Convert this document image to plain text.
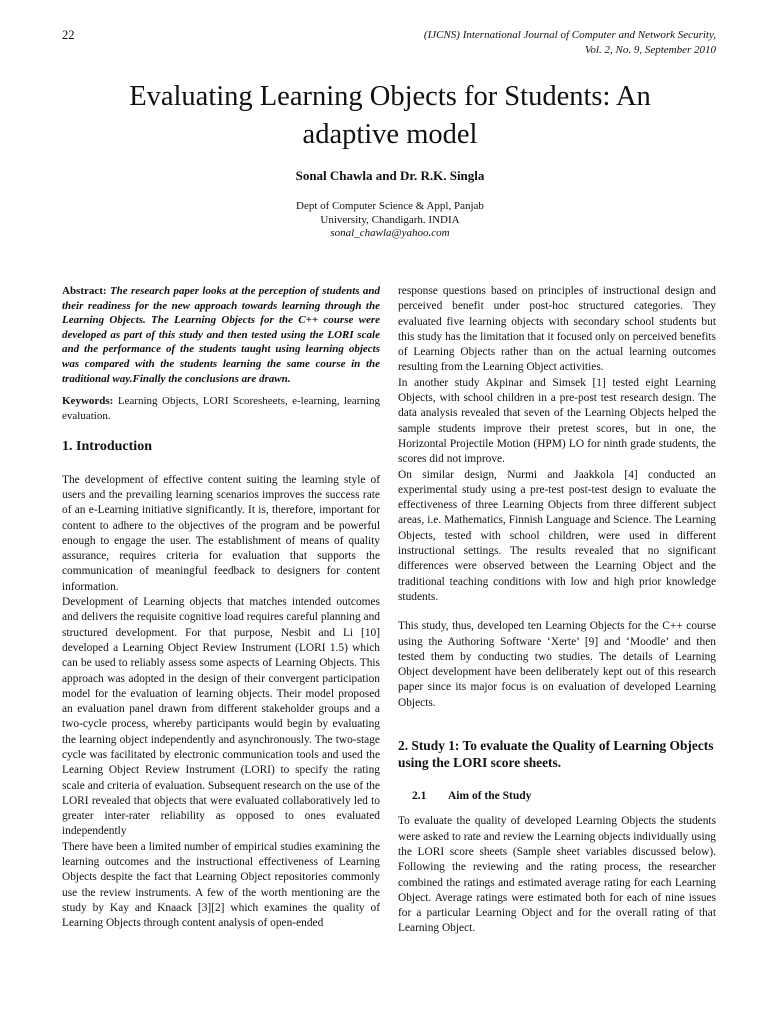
22	(IJCNS) International Journal of Computer and Network Security,
Vol. 2, No. 9, September 2010
Evaluating Learning Objects for Students: An
adaptive model
Sonal Chawla and Dr. R.K. Singla
Dept of Computer Science & Appl, Panjab
University, Chandigarh. INDIA
sonal_chawla@yahoo.com

Abstract: The research paper looks at the perception of students and their readiness for the new approach towards learning through the Learning Objects. The Learning Objects for the C++ course were developed as part of this study and then tested using the LORI scale and the performance of the students taught using learning objects was compared with the students learning the same course in the traditional way.Finally the conclusions are drawn.

Keywords: Learning Objects, LORI Scoresheets, e-learning, learning evaluation.

1. Introduction

The development of effective content suiting the learning style of users and the prevailing learning scenarios improves the success rate of an e-Learning initiative significantly. It is, therefore, important for content to adhere to the objectives of the program and be powerful enough to engage the user. The establishment of means of quality assurance, requires criteria for evaluation that supports the communication of meaningful feedback to designers for content information.

Development of Learning objects that matches intended outcomes and delivers the requisite cognitive load requires careful planning and structured development. For that purpose, Nesbit and Li [10] developed a Learning Object Review Instrument (LORI 1.5) which can be used to reliably assess some aspects of Learning Objects. This approach was adopted in the design of their convergent participation model for the evaluation of learning objects. Their model proposed an evaluation panel drawn from different stakeholder groups and a two-cycle process, whereby participants would begin by evaluating the learning object independently and asynchronously. The two-stage cycle was facilitated by electronic communication tools and used the Learning Object Review Instrument (LORI) to specify the rating scale and criteria of evaluation. Subsequent research on the use of the LORI revealed that objects that were evaluated collaboratively led to greater inter-rater reliability as opposed to ones evaluated independently

There have been a limited number of empirical studies examining the learning outcomes and the instructional effectiveness of Learning Objects despite the fact that Learning Object repositories commonly use the review instruments. A few of the worth mentioning are the study by Kay and Knaack [3][2] which examines the quality of Learning Objects through content analysis of open-ended

response questions based on principles of instructional design and perceived benefit under post-hoc structured categories. They evaluated five learning objects with secondary school students but this study has the limitation that it focused only on perceived benefits of Learning Objects rather than on the actual learning outcomes resulting from the Learning Object activities.

In another study Akpinar and Simsek [1] tested eight Learning Objects, with school children in a pre-post test research design. The data analysis revealed that seven of the Learning Objects helped the sample students improve their pretest scores, but in one, the Horizontal Projectile Motion (HPM) LO for ninth grade students, the scores did not improve.

On similar design, Nurmi and Jaakkola [4] conducted an experimental study using a pre-test post-test design to evaluate the effectiveness of three Learning Objects from three different subject areas, i.e. Mathematics, Finnish Language and Science. The Learning Objects, tested with school children, were used in different instructional settings. The results revealed that no significant differences were observed between the Learning Object and the traditional teaching conditions with low and high prior knowledge students.

This study, thus, developed ten Learning Objects for the C++ course using the Authoring Software ‘Xerte’ [9] and ‘Moodle’ and then tested them by conducting two studies. The details of Learning Object development have been deliberately kept out of this research paper since its major focus is on evaluation of developed Learning Objects.

2. Study 1: To evaluate the Quality of Learning Objects using the LORI score sheets.

2.1 Aim of the Study

To evaluate the quality of developed Learning Objects the students were asked to rate and review the Learning objects individually using the LORI score sheets (Sample sheet variables discussed below). Following the reviewing and the rating process, the researcher combined the ratings and estimated average rating for each Learning Object. Average ratings were estimated both for each of nine issues for a particular Learning Object and for the overall rating of that Learning Object.
